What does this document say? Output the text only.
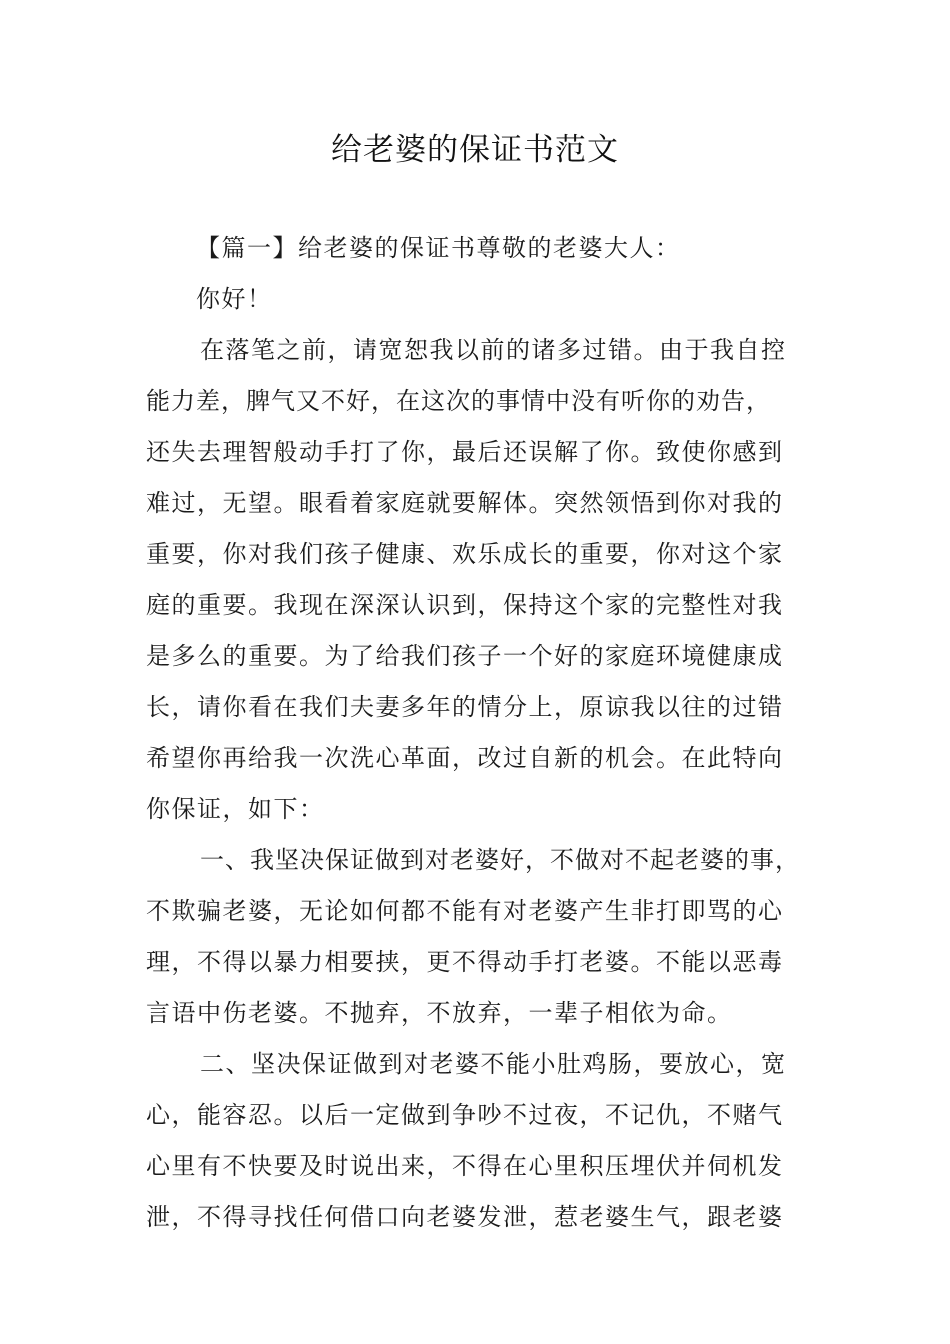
给老婆的保证书范文
【篇一】给老婆的保证书尊敬的老婆大人：
你好！
在落笔之前，请宽恕我以前的诸多过错。由于我自控
能力差，脾气又不好，在这次的事情中没有听你的劝告，
还失去理智般动手打了你，最后还误解了你。致使你感到
难过，无望。眼看着家庭就要解体。突然领悟到你对我的
重要，你对我们孩子健康、欢乐成长的重要，你对这个家
庭的重要。我现在深深认识到，保持这个家的完整性对我
是多么的重要。为了给我们孩子一个好的家庭环境健康成
长，请你看在我们夫妻多年的情分上，原谅我以往的过错
希望你再给我一次洗心革面，改过自新的机会。在此特向
你保证，如下：
一、我坚决保证做到对老婆好，不做对不起老婆的事，
不欺骗老婆，无论如何都不能有对老婆产生非打即骂的心
理，不得以暴力相要挟，更不得动手打老婆。不能以恶毒
言语中伤老婆。不抛弃，不放弃，一辈子相依为命。
二、坚决保证做到对老婆不能小肚鸡肠，要放心，宽
心，能容忍。以后一定做到争吵不过夜，不记仇，不赌气
心里有不快要及时说出来，不得在心里积压埋伏并伺机发
泄，不得寻找任何借口向老婆发泄，惹老婆生气，跟老婆
